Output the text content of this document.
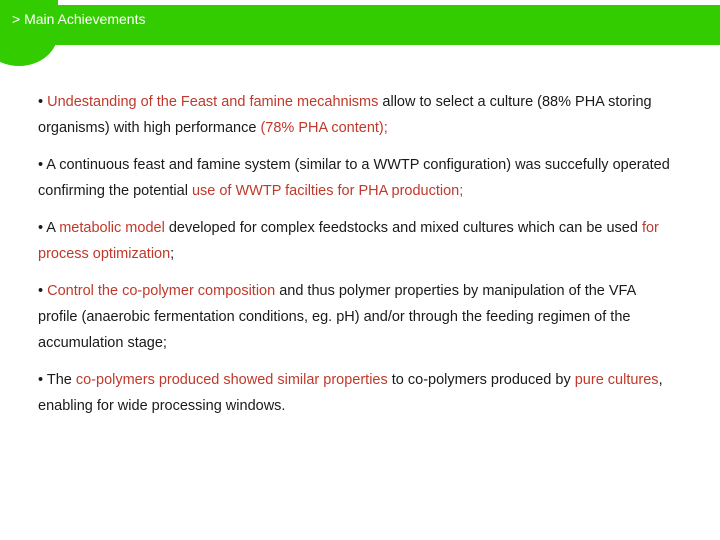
> Main Achievements

• Undestanding of the Feast and famine mecahnisms allow to select a culture (88% PHA storing organisms) with high performance (78% PHA content);

• A continuous feast and famine system (similar to a WWTP configuration) was succefully operated confirming the potential use of WWTP facilties for PHA production;

• A metabolic model developed for complex feedstocks and mixed cultures which can be used for process optimization;

• Control the co-polymer composition and thus polymer properties by manipulation of the VFA profile (anaerobic fermentation conditions, eg. pH) and/or through the feeding regimen of the accumulation stage;

• The co-polymers produced showed similar properties to co-polymers produced by pure cultures, enabling for wide processing windows.
